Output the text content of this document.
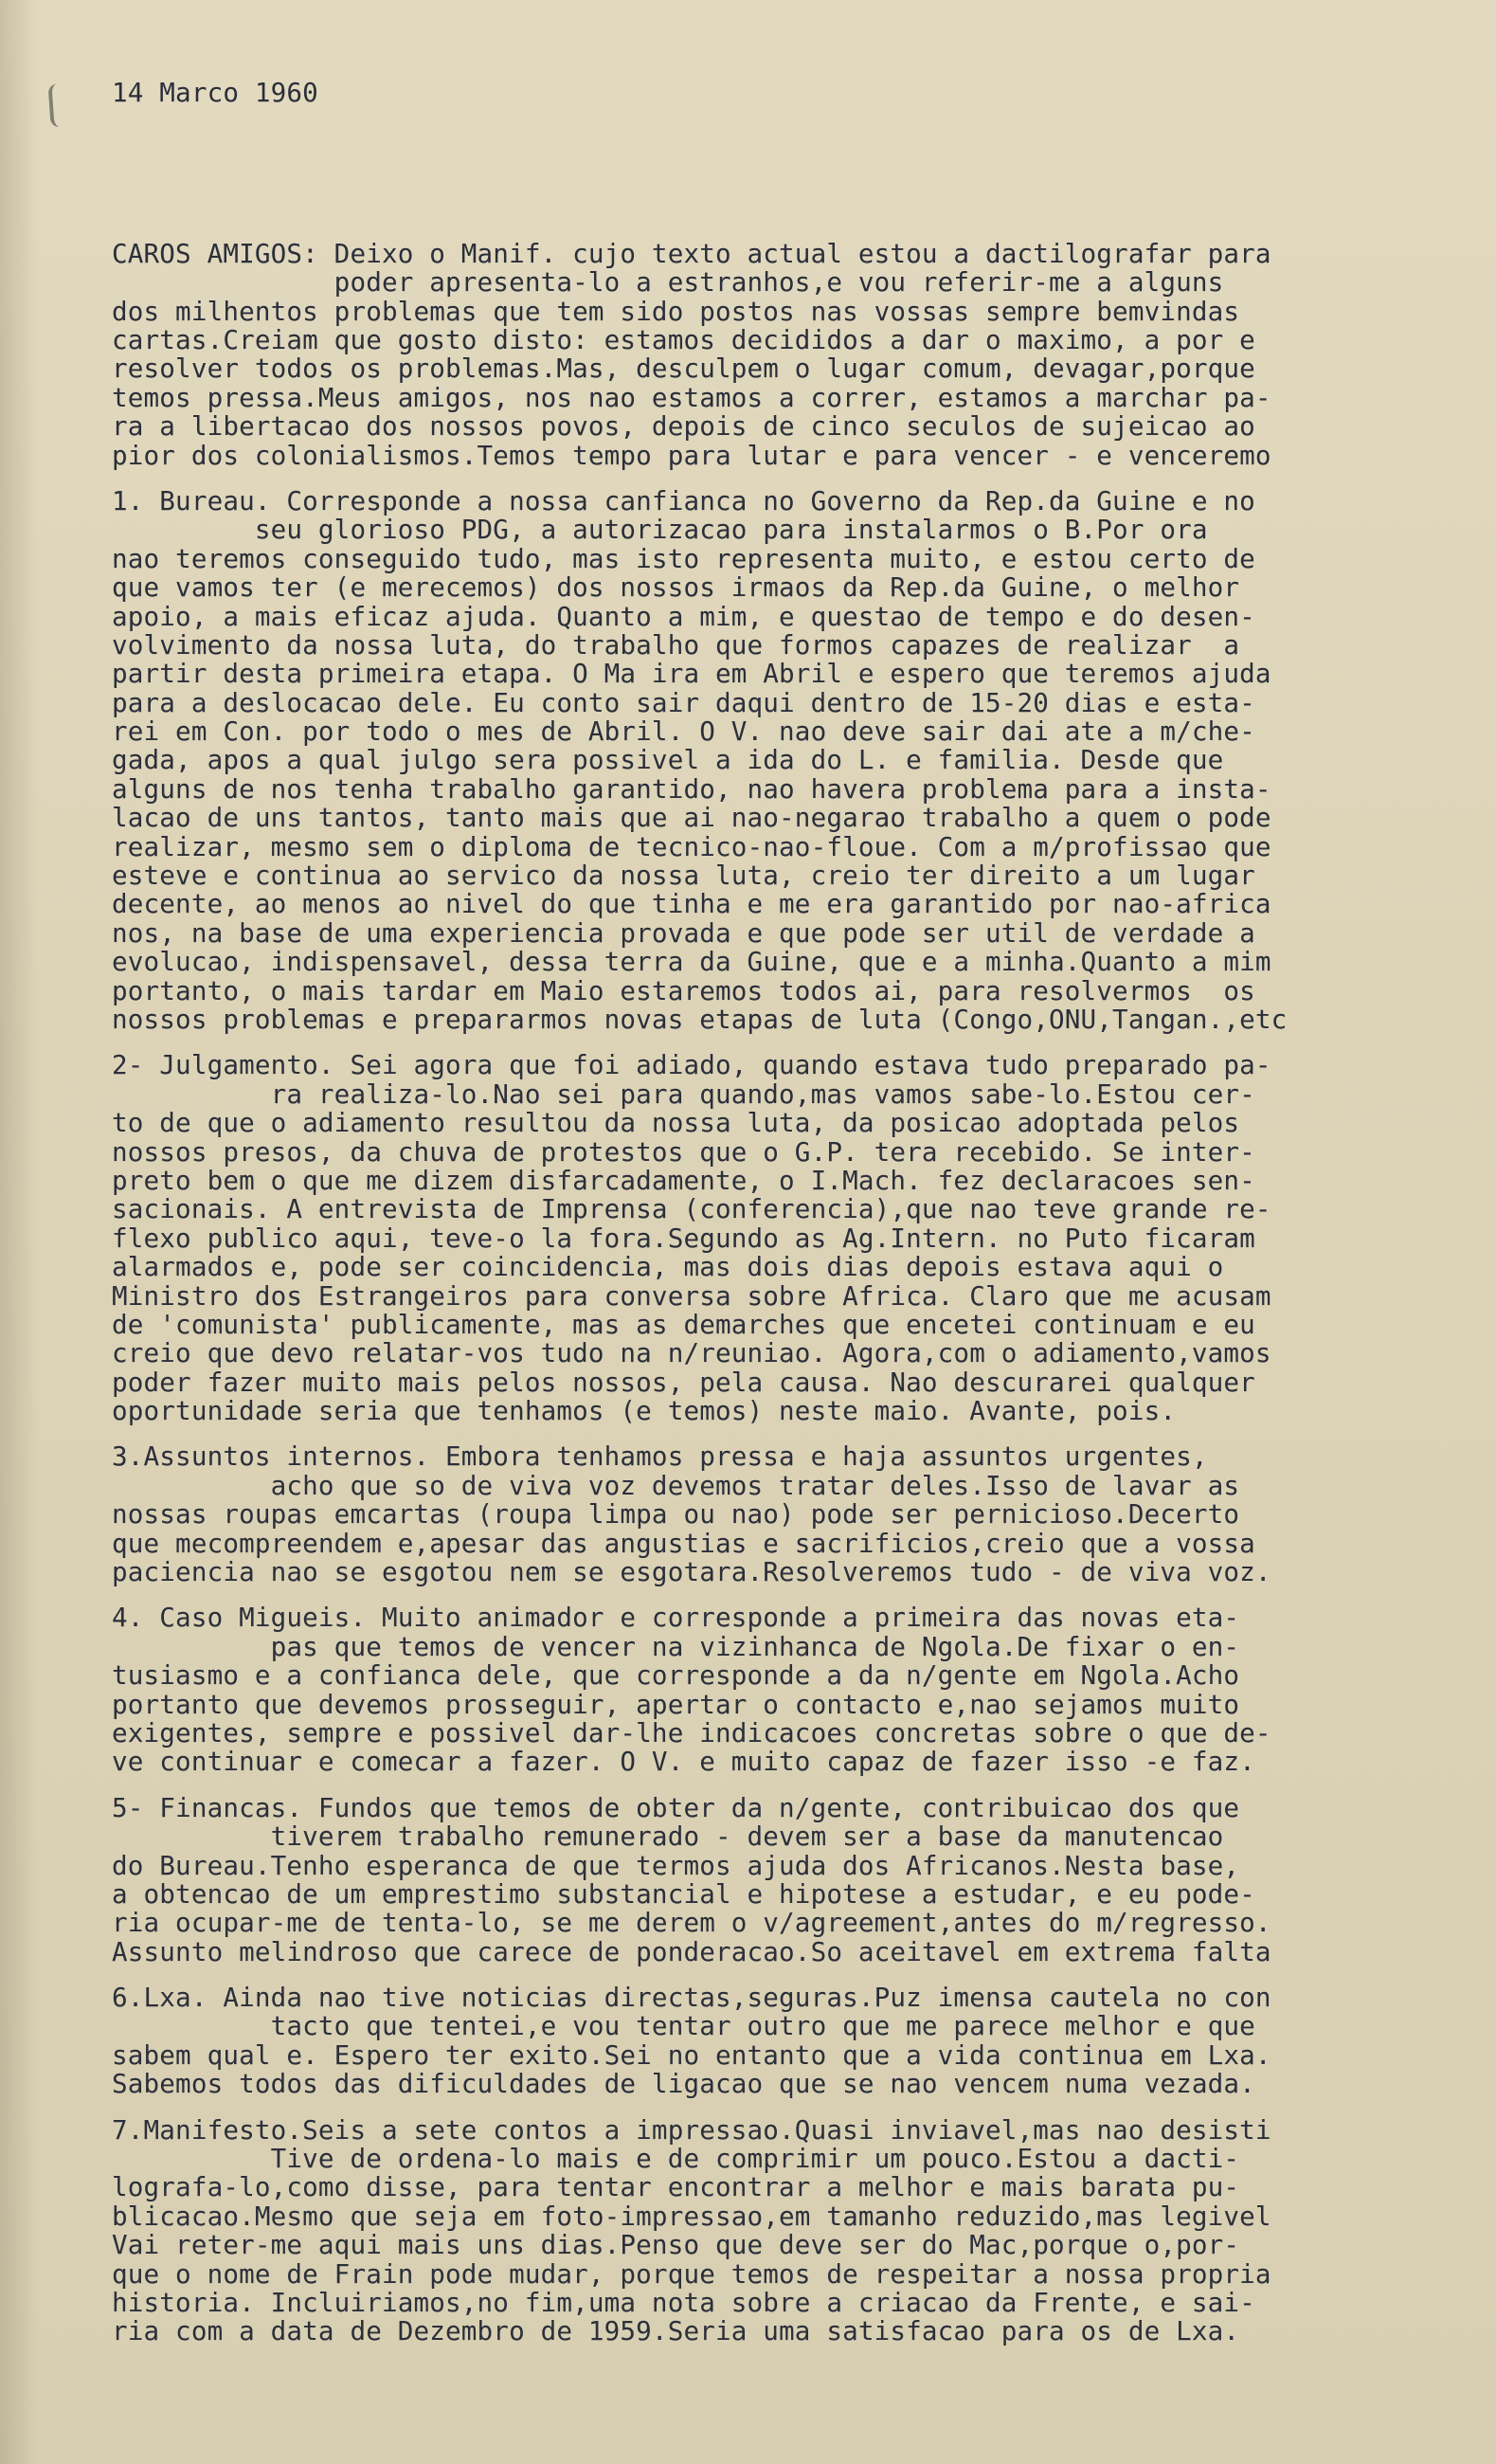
14 Marco 1960

CAROS AMIGOS: Deixo o Manif. cujo texto actual estou a dactilografar para
poder apresenta-lo a estranhos,e vou referir-me a alguns
dos milhentos problemas que tem sido postos nas vossas sempre bemvindas
cartas.Creiam que gosto disto: estamos decididos a dar o maximo, a por e
resolver todos os problemas.Mas, desculpem o lugar comum, devagar,porque
temos pressa.Meus amigos, nos nao estamos a correr, estamos a marchar pa-
ra a libertacao dos nossos povos, depois de cinco seculos de sujeicao ao
pior dos colonialismos.Temos tempo para lutar e para vencer - e venceremo
1. Bureau. Corresponde a nossa canfianca no Governo da Rep.da Guine e no
seu glorioso PDG, a autorizacao para instalarmos o B.Por ora
nao teremos conseguido tudo, mas isto representa muito, e estou certo de
que vamos ter (e merecemos) dos nossos irmaos da Rep.da Guine, o melhor
apoio, a mais eficaz ajuda. Quanto a mim, e questao de tempo e do desen-
volvimento da nossa luta, do trabalho que formos capazes de realizar  a
partir desta primeira etapa. O Ma ira em Abril e espero que teremos ajuda
para a deslocacao dele. Eu conto sair daqui dentro de 15-20 dias e esta-
rei em Con. por todo o mes de Abril. O V. nao deve sair dai ate a m/che-
gada, apos a qual julgo sera possivel a ida do L. e familia. Desde que
alguns de nos tenha trabalho garantido, nao havera problema para a insta-
lacao de uns tantos, tanto mais que ai nao-negarao trabalho a quem o pode
realizar, mesmo sem o diploma de tecnico-nao-floue. Com a m/profissao que
esteve e continua ao servico da nossa luta, creio ter direito a um lugar
decente, ao menos ao nivel do que tinha e me era garantido por nao-africa
nos, na base de uma experiencia provada e que pode ser util de verdade a
evolucao, indispensavel, dessa terra da Guine, que e a minha.Quanto a mim
portanto, o mais tardar em Maio estaremos todos ai, para resolvermos  os
nossos problemas e prepararmos novas etapas de luta (Congo,ONU,Tangan.,etc
2- Julgamento. Sei agora que foi adiado, quando estava tudo preparado pa-
ra realiza-lo.Nao sei para quando,mas vamos sabe-lo.Estou cer-
to de que o adiamento resultou da nossa luta, da posicao adoptada pelos
nossos presos, da chuva de protestos que o G.P. tera recebido. Se inter-
preto bem o que me dizem disfarcadamente, o I.Mach. fez declaracoes sen-
sacionais. A entrevista de Imprensa (conferencia),que nao teve grande re-
flexo publico aqui, teve-o la fora.Segundo as Ag.Intern. no Puto ficaram
alarmados e, pode ser coincidencia, mas dois dias depois estava aqui o
Ministro dos Estrangeiros para conversa sobre Africa. Claro que me acusam
de 'comunista' publicamente, mas as demarches que encetei continuam e eu
creio que devo relatar-vos tudo na n/reuniao. Agora,com o adiamento,vamos
poder fazer muito mais pelos nossos, pela causa. Nao descurarei qualquer
oportunidade seria que tenhamos (e temos) neste maio. Avante, pois.
3.Assuntos internos. Embora tenhamos pressa e haja assuntos urgentes,
acho que so de viva voz devemos tratar deles.Isso de lavar as
nossas roupas emcartas (roupa limpa ou nao) pode ser pernicioso.Decerto
que mecompreendem e,apesar das angustias e sacrificios,creio que a vossa
paciencia nao se esgotou nem se esgotara.Resolveremos tudo - de viva voz.
4. Caso Migueis. Muito animador e corresponde a primeira das novas eta-
pas que temos de vencer na vizinhanca de Ngola.De fixar o en-
tusiasmo e a confianca dele, que corresponde a da n/gente em Ngola.Acho
portanto que devemos prosseguir, apertar o contacto e,nao sejamos muito
exigentes, sempre e possivel dar-lhe indicacoes concretas sobre o que de-
ve continuar e comecar a fazer. O V. e muito capaz de fazer isso -e faz.
5- Financas. Fundos que temos de obter da n/gente, contribuicao dos que
tiverem trabalho remunerado - devem ser a base da manutencao
do Bureau.Tenho esperanca de que termos ajuda dos Africanos.Nesta base,
a obtencao de um emprestimo substancial e hipotese a estudar, e eu pode-
ria ocupar-me de tenta-lo, se me derem o v/agreement,antes do m/regresso.
Assunto melindroso que carece de ponderacao.So aceitavel em extrema falta
6.Lxa. Ainda nao tive noticias directas,seguras.Puz imensa cautela no con
tacto que tentei,e vou tentar outro que me parece melhor e que
sabem qual e. Espero ter exito.Sei no entanto que a vida continua em Lxa.
Sabemos todos das dificuldades de ligacao que se nao vencem numa vezada.
7.Manifesto.Seis a sete contos a impressao.Quasi inviavel,mas nao desisti
Tive de ordena-lo mais e de comprimir um pouco.Estou a dacti-
lografa-lo,como disse, para tentar encontrar a melhor e mais barata pu-
blicacao.Mesmo que seja em foto-impressao,em tamanho reduzido,mas legivel
Vai reter-me aqui mais uns dias.Penso que deve ser do Mac,porque o,por-
que o nome de Frain pode mudar, porque temos de respeitar a nossa propria
historia. Incluiriamos,no fim,uma nota sobre a criacao da Frente, e sai-
ria com a data de Dezembro de 1959.Seria uma satisfacao para os de Lxa.
